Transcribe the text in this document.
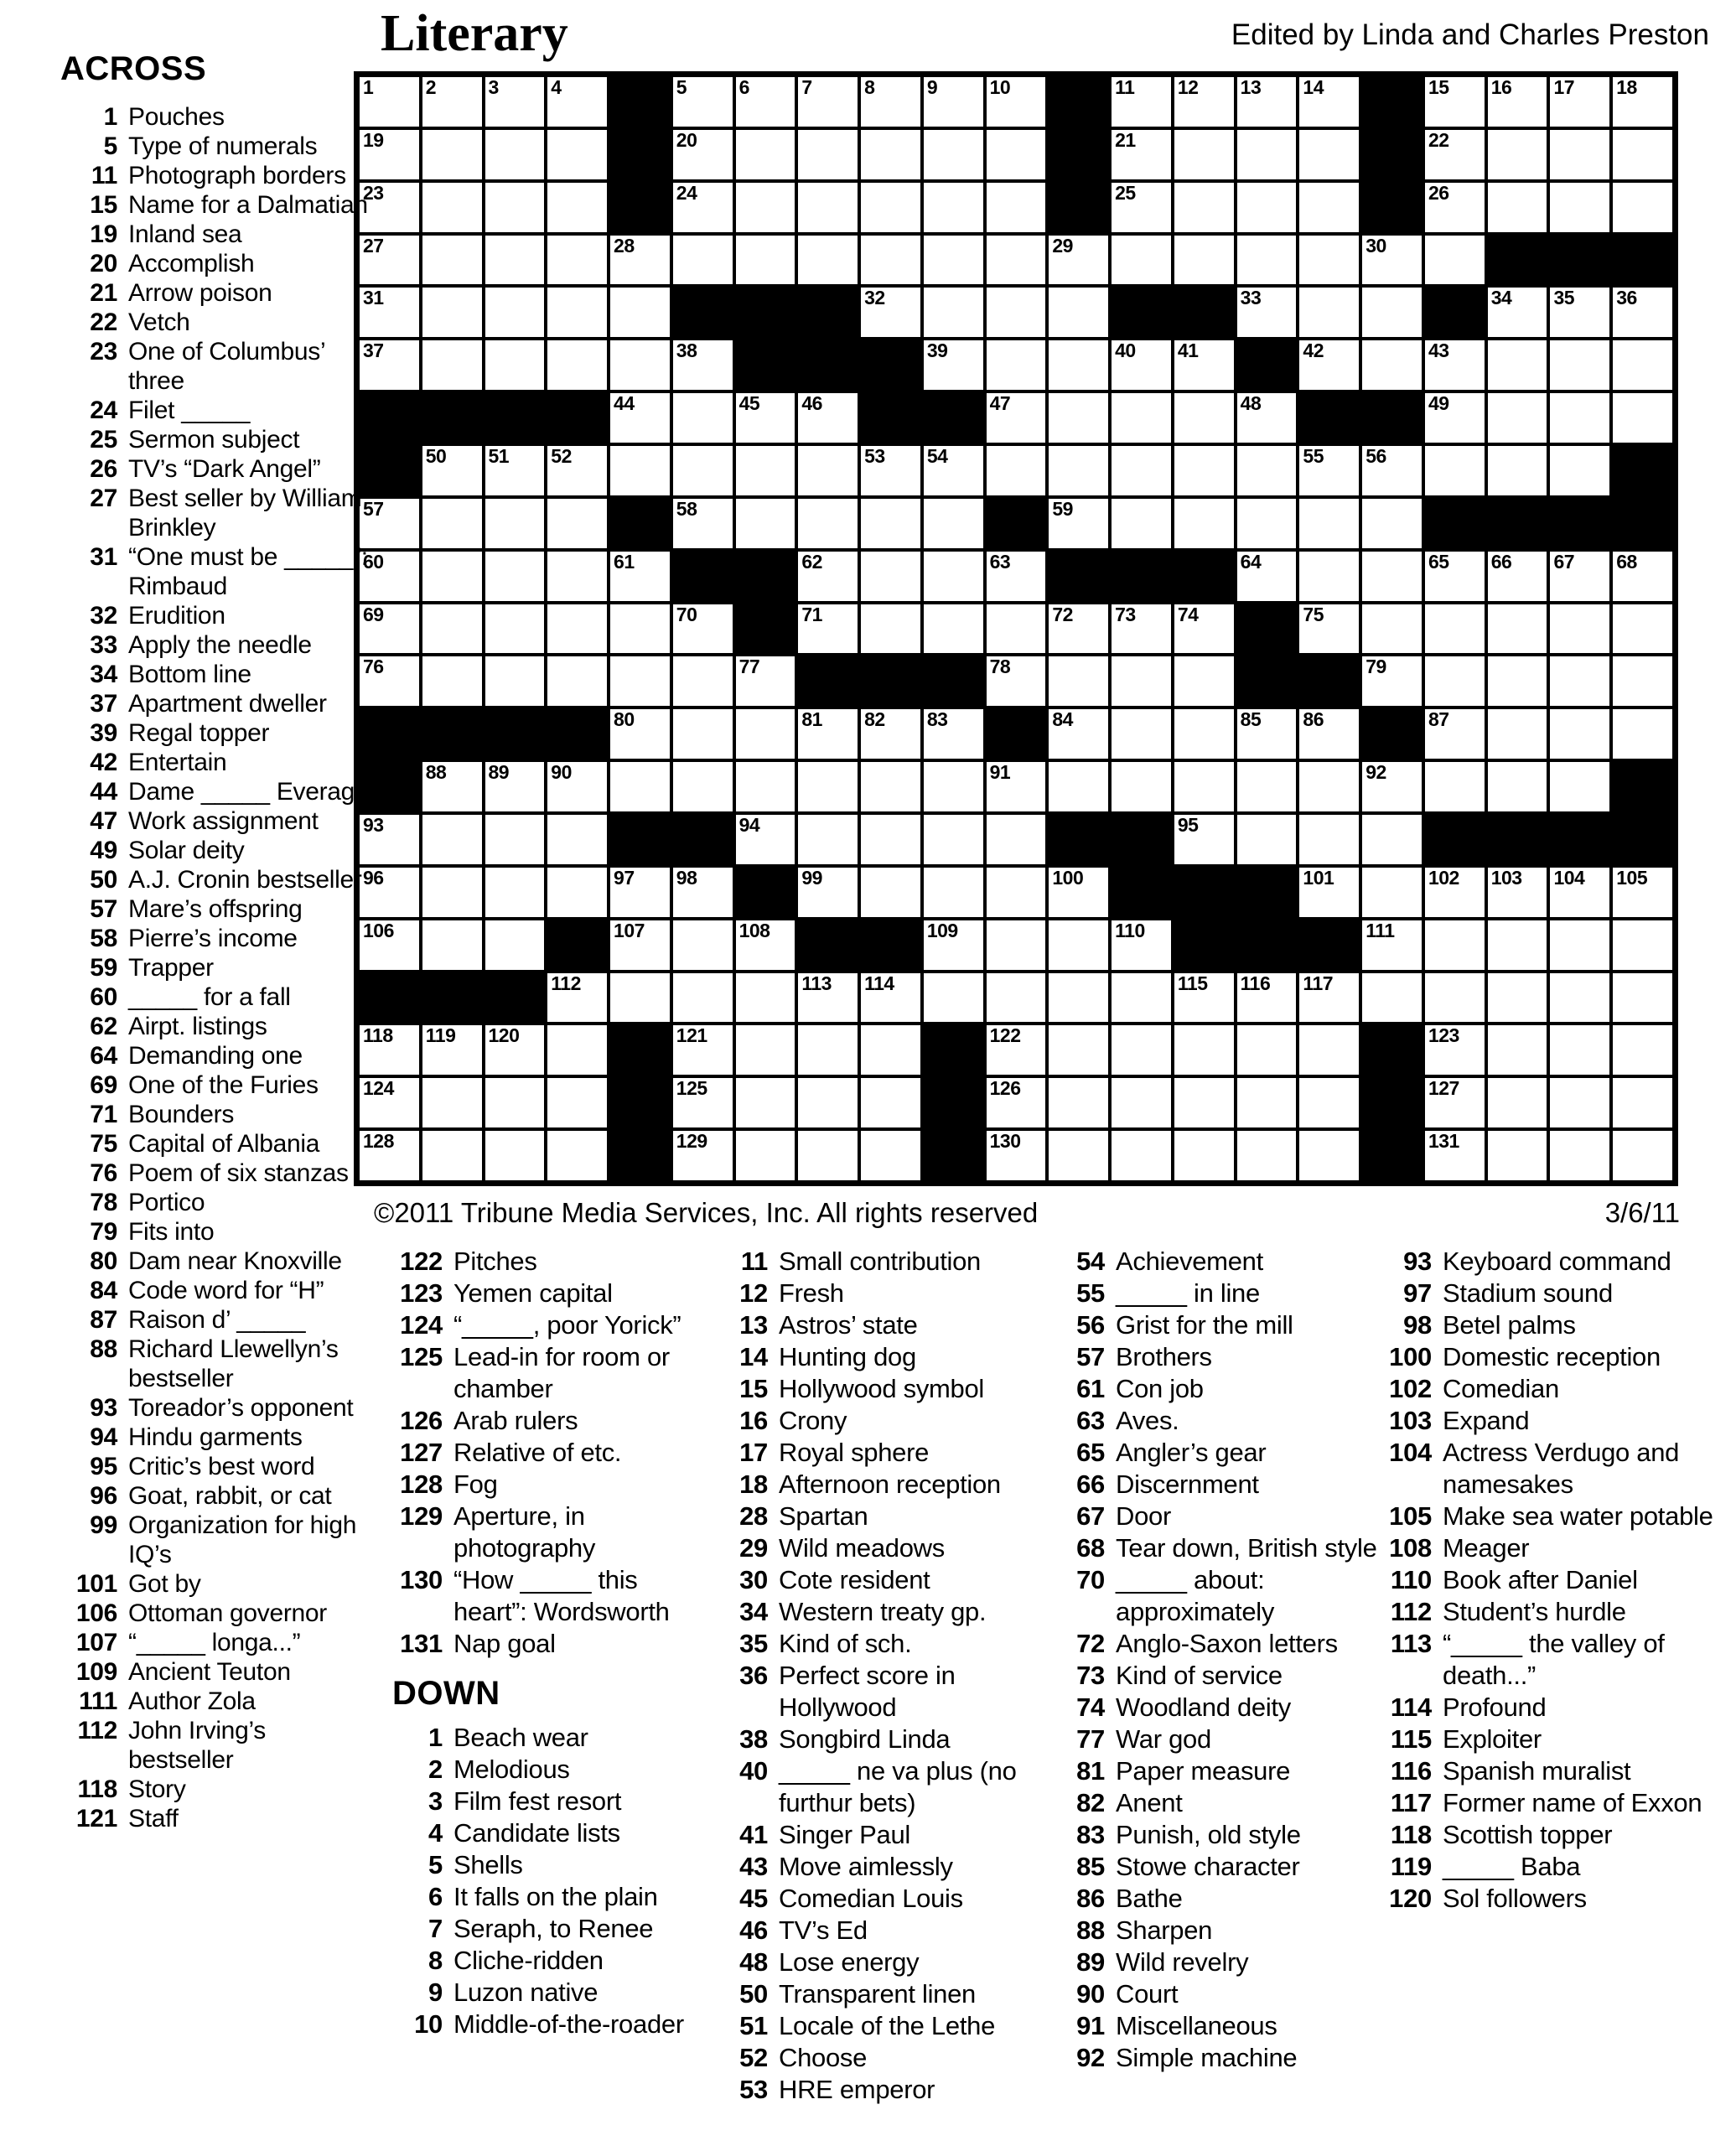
Literary	Edited by Linda and Charles Preston
1	2	3	4	5	6	7	8	9	10	11 12 13 14	15 16 17 18
19	20	21	22
23	24	25	26
27	28	29	30
31	32	33	34 35 36
37	38	39	40 41	42	43
44	45 46	47	48	49
50 51 52	53 54	55 56
57	58	59
60	61	62	63	64	65 66 67 68
69	70	71	72 73 74	75
76	77	78	79
80	81 82 83	84	85 86	87
88 89 90	91	92
93	94	95
96	97 98	99	100	101	102 103 104 105
106	107	108	109	110	111
112	113 114	115 116 117
118 119 120	121	122	123
124	125	126	127
128	129	130	131
©2011 Tribune Media Services, Inc. All rights reserved	3/6/11
ACROSS
1 Pouches
5 Type of numerals
11 Photograph borders
15 Name for a Dalmatian
19 Inland sea
20 Accomplish
21 Arrow poison
22 Vetch
23 One of Columbus’ three
24 Filet _____
25 Sermon subject
26 TV’s “Dark Angel”
27 Best seller by William Brinkley
31 “One must be _____”: Rimbaud
32 Erudition
33 Apply the needle
34 Bottom line
37 Apartment dweller
39 Regal topper
42 Entertain
44 Dame _____ Everage
47 Work assignment
49 Solar deity
50 A.J. Cronin bestseller
57 Mare’s offspring
58 Pierre’s income
59 Trapper
60 _____ for a fall
62 Airpt. listings
64 Demanding one
69 One of the Furies
71 Bounders
75 Capital of Albania
76 Poem of six stanzas
78 Portico
79 Fits into
80 Dam near Knoxville
84 Code word for “H”
87 Raison d’ _____
88 Richard Llewellyn’s bestseller
93 Toreador’s opponent
94 Hindu garments
95 Critic’s best word
96 Goat, rabbit, or cat
99 Organization for high IQ’s
101 Got by
106 Ottoman governor
107 “_____ longa...”
109 Ancient Teuton
111 Author Zola
112 John Irving’s bestseller
118 Story
121 Staff
122 Pitches
123 Yemen capital
124 “_____, poor Yorick”
125 Lead-in for room or chamber
126 Arab rulers
127 Relative of etc.
128 Fog
129 Aperture, in photography
130 “How _____ this heart”: Wordsworth
131 Nap goal
DOWN
1 Beach wear
2 Melodious
3 Film fest resort
4 Candidate lists
5 Shells
6 It falls on the plain
7 Seraph, to Renee
8 Cliche-ridden
9 Luzon native
10 Middle-of-the-roader
11 Small contribution
12 Fresh
13 Astros’ state
14 Hunting dog
15 Hollywood symbol
16 Crony
17 Royal sphere
18 Afternoon reception
28 Spartan
29 Wild meadows
30 Cote resident
34 Western treaty gp.
35 Kind of sch.
36 Perfect score in Hollywood
38 Songbird Linda
40 _____ ne va plus (no furthur bets)
41 Singer Paul
43 Move aimlessly
45 Comedian Louis
46 TV’s Ed
48 Lose energy
50 Transparent linen
51 Locale of the Lethe
52 Choose
53 HRE emperor
54 Achievement
55 _____ in line
56 Grist for the mill
57 Brothers
61 Con job
63 Aves.
65 Angler’s gear
66 Discernment
67 Door
68 Tear down, British style
70 _____ about: approximately
72 Anglo-Saxon letters
73 Kind of service
74 Woodland deity
77 War god
81 Paper measure
82 Anent
83 Punish, old style
85 Stowe character
86 Bathe
88 Sharpen
89 Wild revelry
90 Court
91 Miscellaneous
92 Simple machine
93 Keyboard command
97 Stadium sound
98 Betel palms
100 Domestic reception
102 Comedian
103 Expand
104 Actress Verdugo and namesakes
105 Make sea water potable
108 Meager
110 Book after Daniel
112 Student’s hurdle
113 “_____ the valley of death...”
114 Profound
115 Exploiter
116 Spanish muralist
117 Former name of Exxon
118 Scottish topper
119 _____ Baba
120 Sol followers
